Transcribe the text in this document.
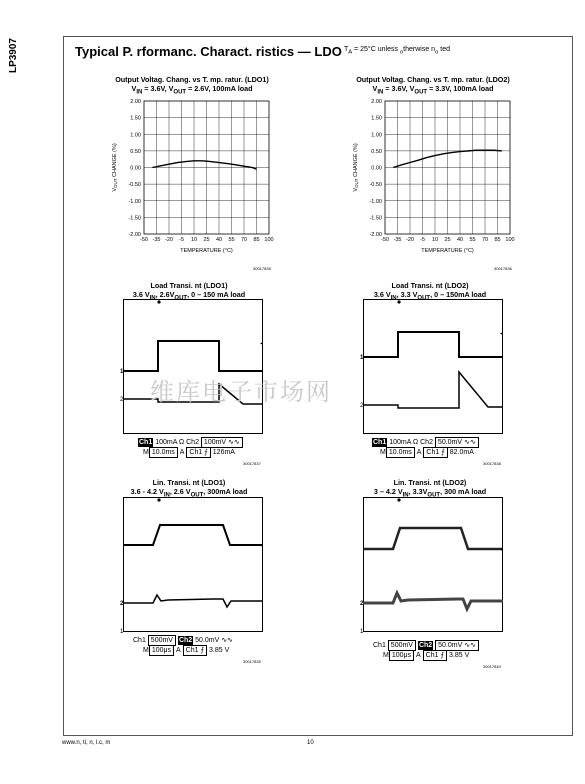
LP3907	Typical P. rformanc. Charact. ristics — LDO $T_A = 25^\circ C$ unless $_o$therwise $n_o$ ted
Output Voltag. Chang. vs T. mp. ratur. (LDO1)
$V_{IN} = 3.6V$, $V_{OUT} = 2.6V$, 100mA load
-50 -35 -20 -5 10 25 40 55 70 85 100
2.00
1.50
1.00
0.50
0.00
-0.50
-1.00
-1.50
-2.00
TEMPERATURE (°C)
VOUT CHANGE (%)
30017835
Output Voltag. Chang. vs T. mp. ratur. (LDO2)
$V_{IN} = 3.6V$, $V_{OUT} = 3.3V$, 100mA load
-50 -35 -20 -5 10 25 40 55 70 85 100
2.00
1.50
1.00
0.50
0.00
-0.50
-1.00
-1.50
-2.00
TEMPERATURE (°C)
VOUT CHANGE (%)
30017836
Load Transi. nt (LDO1)
3.6 $V_{IN}$, $2.6V_{OUT}$, 0 – 150 mA load
1
2
◂
Ch1 100mA Ω Ch2 100mV ∿∿
M 10.0ms A Ch1 ⨍ 126mA
30017837
Load Transi. nt (LDO2)
3.6 $V_{IN}$, 3.3 $V_{OUT}$, 0 – 150mA load
1
2
◂
Ch1 100mA Ω Ch2 50.0mV ∿∿
M 10.0ms A Ch1 ⨍ 82.0mA
30017838
Lin. Transi. nt (LDO1)
3.6 - 4.2 $V_{IN}$, 2.6 $V_{OUT}$, 300mA load
2
1
◂
Ch1 500mV Ch2 50.0mV ∿∿
M 100μs A Ch1 ⨍ 3.85 V
30017839
Lin. Transi. nt (LDO2)
3 – 4.2 $V_{IN}$, $3.3V_{OUT}$, 300 mA load
2
1
◂
Ch1 500mV Ch2 50.0mV ∿∿
M 100μs A Ch1 ⨍ 3.85 V
30017840
维库电子市场网
www.n, ti, n, l.c, m	10
